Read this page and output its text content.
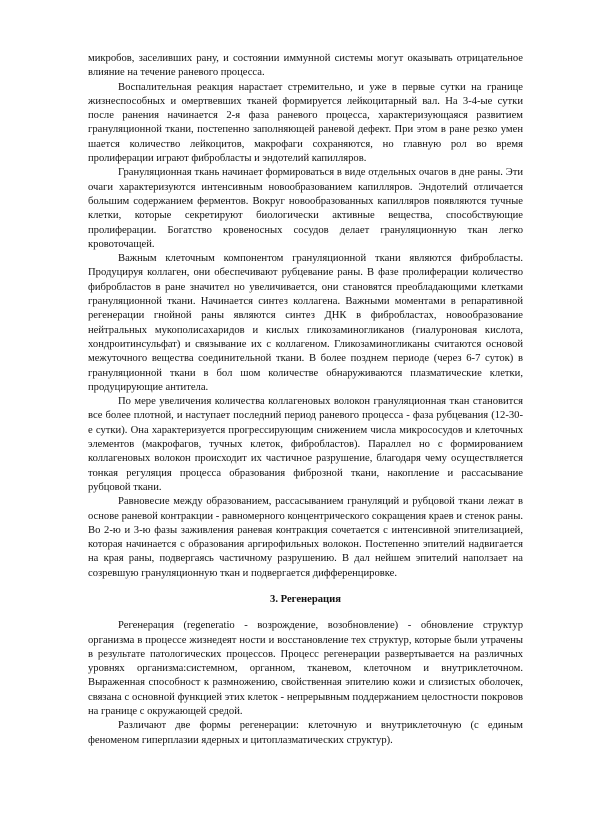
микробов, заселивших рану, и состоянии иммунной системы могут оказывать отрицательное влияние на течение раневого процесса.

Воспалительная реакция нарастает стремительно, и уже в первые сутки на границе жизнеспособных и омертвевших тканей формируется лейкоцитарный вал. На 3-4-ые сутки после ранения начинается 2-я фаза раневого процесса, характеризующаяся развитием грануляционной ткани, постепенно заполняющей раневой дефект. При этом в ране резко умен шается количество лейкоцитов, макрофаги сохраняются, но главную рол во время пролиферации играют фибробласты и эндотелий капилляров.

Грануляционная ткань начинает формироваться в виде отдельных очагов в дне раны. Эти очаги характеризуются интенсивным новообразованием капилляров. Эндотелий отличается большим содержанием ферментов. Вокруг новообразованных капилляров появляются тучные клетки, которые секретируют биологически активные вещества, способствующие пролиферации. Богатство кровеносных сосудов делает грануляционную ткан легко кровоточащей.

Важным клеточным компонентом грануляционной ткани являются фибробласты. Продуцируя коллаген, они обеспечивают рубцевание раны. В фазе пролиферации количество фибробластов в ране значител но увеличивается, они становятся преобладающими клетками грануляционной ткани. Начинается синтез коллагена. Важными моментами в репаративной регенерации гнойной раны являются синтез ДНК в фибробластах, новообразование нейтральных мукополисахаридов и кислых гликозаминогликанов (гиалуроновая кислота, хондроитинсульфат) и связывание их с коллагеном. Гликозаминогликаны считаются основой межуточного вещества соединительной ткани. В более позднем периоде (через 6-7 суток) в грануляционной ткани в бол шом количестве обнаруживаются плазматические клетки, продуцирующие антитела.

По мере увеличения количества коллагеновых волокон грануляционная ткан становится все более плотной, и наступает последний период раневого процесса - фаза рубцевания (12-30-е сутки). Она характеризуется прогрессирующим снижением числа микрососудов и клеточных элементов (макрофагов, тучных клеток, фибробластов). Параллел но с формированием коллагеновых волокон происходит их частичное разрушение, благодаря чему осуществляется тонкая регуляция процесса образования фиброзной ткани, накопление и рассасывание рубцовой ткани.

Равновесие между образованием, рассасыванием грануляций и рубцовой ткани лежат в основе раневой контракции - равномерного концентрического сокращения краев и стенок раны. Во 2-ю и 3-ю фазы заживления раневая контракция сочетается с интенсивной эпителизацией, которая начинается с образования аргирофильных волокон. Постепенно эпителий надвигается на края раны, подвергаясь частичному разрушению. В дал нейшем эпителий наползает на созревшую грануляционную ткан и подвергается дифференцировке.

3. Регенерация

Регенерация (regeneratio - возрождение, возобновление) - обновление структур организма в процессе жизнедеят ности и восстановление тех структур, которые были утрачены в результате патологических процессов. Процесс регенерации развертывается на различных уровнях организма:системном, органном, тканевом, клеточном и внутриклеточном. Выраженная способност к размножению, свойственная эпителию кожи и слизистых оболочек, связана с основной функцией этих клеток - непрерывным поддержанием целостности покровов на границе с окружающей средой.

Различают две формы регенерации: клеточную и внутриклеточную (с единым феноменом гиперплазии ядерных и цитоплазматических структур).
